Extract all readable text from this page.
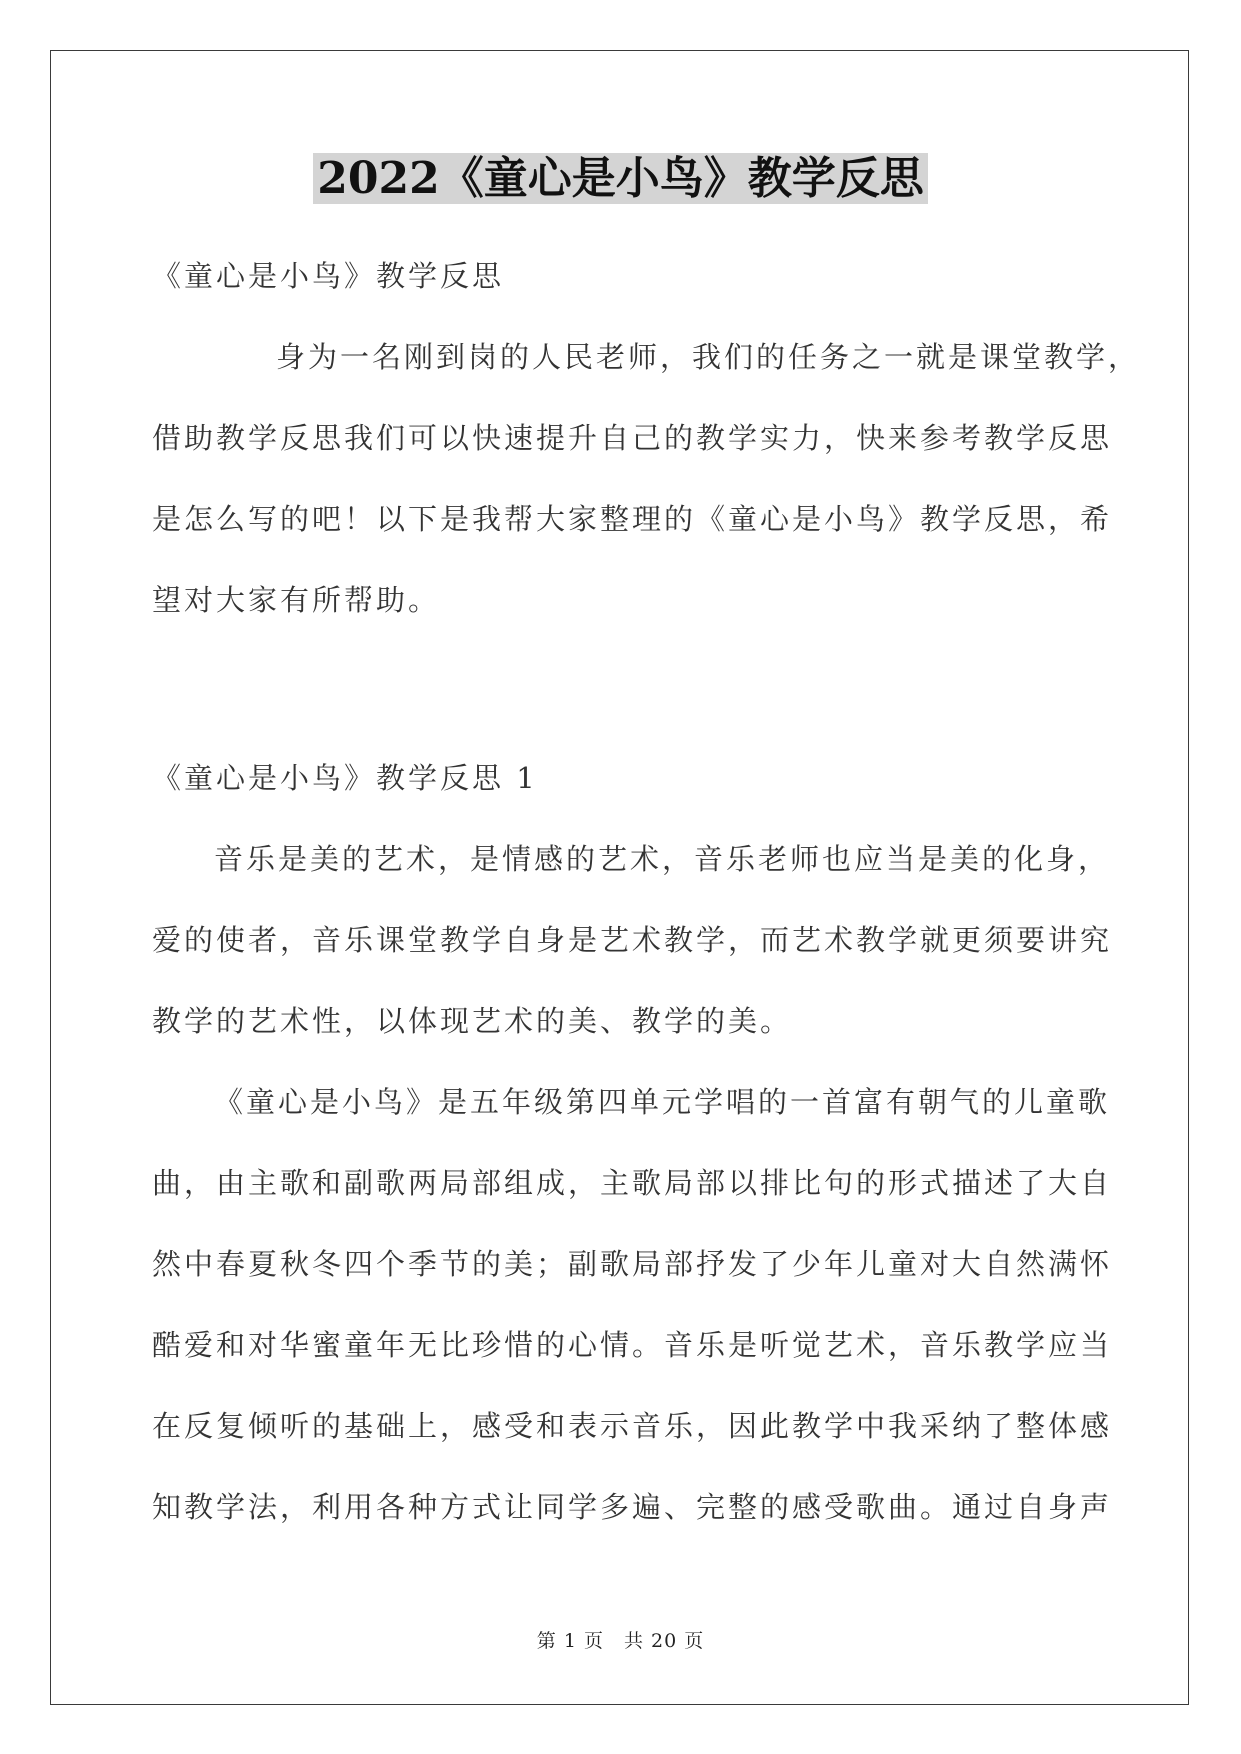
2022《童心是小鸟》教学反思
《童心是小鸟》教学反思
身为一名刚到岗的人民老师，我们的任务之一就是课堂教学，
借助教学反思我们可以快速提升自己的教学实力，快来参考教学反思
是怎么写的吧！以下是我帮大家整理的《童心是小鸟》教学反思，希
望对大家有所帮助。
《童心是小鸟》教学反思 1
音乐是美的艺术，是情感的艺术，音乐老师也应当是美的化身，
爱的使者，音乐课堂教学自身是艺术教学，而艺术教学就更须要讲究
教学的艺术性，以体现艺术的美、教学的美。
《童心是小鸟》是五年级第四单元学唱的一首富有朝气的儿童歌
曲，由主歌和副歌两局部组成，主歌局部以排比句的形式描述了大自
然中春夏秋冬四个季节的美；副歌局部抒发了少年儿童对大自然满怀
酷爱和对华蜜童年无比珍惜的心情。音乐是听觉艺术，音乐教学应当
在反复倾听的基础上，感受和表示音乐，因此教学中我采纳了整体感
知教学法，利用各种方式让同学多遍、完整的感受歌曲。通过自身声
第 1 页　共 20 页
